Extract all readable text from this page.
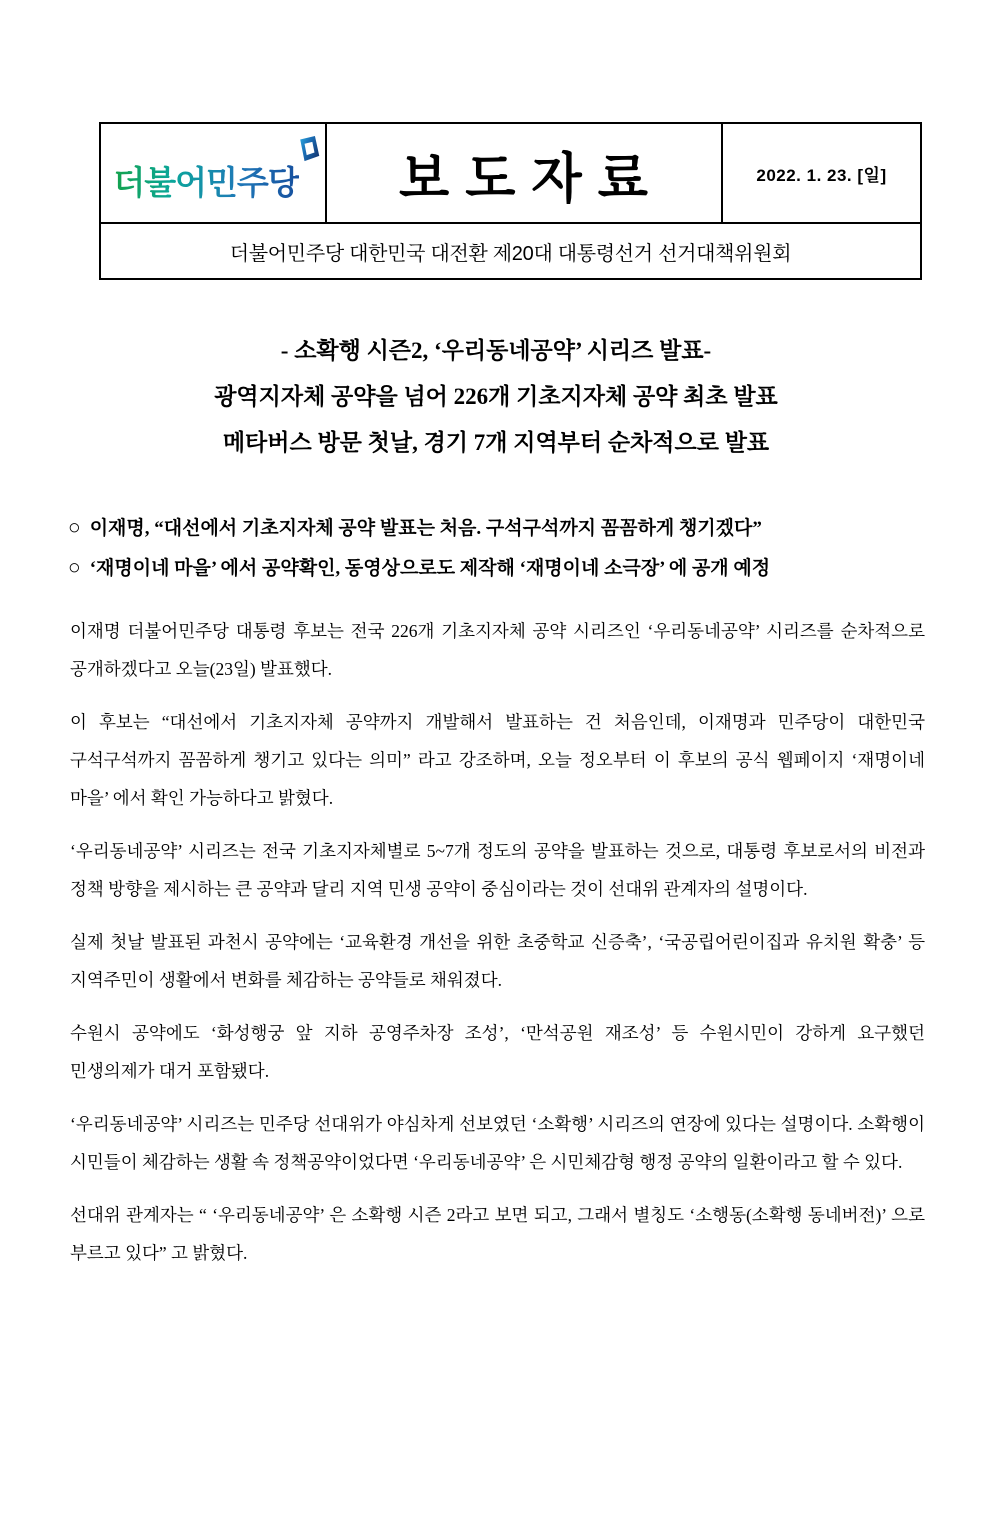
더불어민주당	보도자료	2022. 1. 23. [일]
더불어민주당 대한민국 대전환 제20대 대통령선거 선거대책위원회
- 소확행 시즌2, ‘우리동네공약’ 시리즈 발표-
광역지자체 공약을 넘어 226개 기초지자체 공약 최초 발표
메타버스 방문 첫날, 경기 7개 지역부터 순차적으로 발표
○ 이재명, “대선에서 기초지자체 공약 발표는 처음. 구석구석까지 꼼꼼하게 챙기겠다”
○ ‘재명이네 마을’ 에서 공약확인, 동영상으로도 제작해 ‘재명이네 소극장’ 에 공개 예정

이재명 더불어민주당 대통령 후보는 전국 226개 기초지자체 공약 시리즈인 ‘우리동네공약’ 시리즈를 순차적으로 공개하겠다고 오늘(23일) 발표했다.

이 후보는 “대선에서 기초지자체 공약까지 개발해서 발표하는 건 처음인데, 이재명과 민주당이 대한민국 구석구석까지 꼼꼼하게 챙기고 있다는 의미” 라고 강조하며, 오늘 정오부터 이 후보의 공식 웹페이지 ‘재명이네 마을’ 에서 확인 가능하다고 밝혔다.

‘우리동네공약’ 시리즈는 전국 기초지자체별로 5~7개 정도의 공약을 발표하는 것으로, 대통령 후보로서의 비전과 정책 방향을 제시하는 큰 공약과 달리 지역 민생 공약이 중심이라는 것이 선대위 관계자의 설명이다.

실제 첫날 발표된 과천시 공약에는 ‘교육환경 개선을 위한 초중학교 신증축’, ‘국공립어린이집과 유치원 확충’ 등 지역주민이 생활에서 변화를 체감하는 공약들로 채워졌다.

수원시 공약에도 ‘화성행궁 앞 지하 공영주차장 조성’, ‘만석공원 재조성’ 등 수원시민이 강하게 요구했던 민생의제가 대거 포함됐다.

‘우리동네공약’ 시리즈는 민주당 선대위가 야심차게 선보였던 ‘소확행’ 시리즈의 연장에 있다는 설명이다. 소확행이 시민들이 체감하는 생활 속 정책공약이었다면 ‘우리동네공약’ 은 시민체감형 행정 공약의 일환이라고 할 수 있다.

선대위 관계자는 “ ‘우리동네공약’ 은 소확행 시즌 2라고 보면 되고, 그래서 별칭도 ‘소행동(소확행 동네버전)’ 으로 부르고 있다” 고 밝혔다.
